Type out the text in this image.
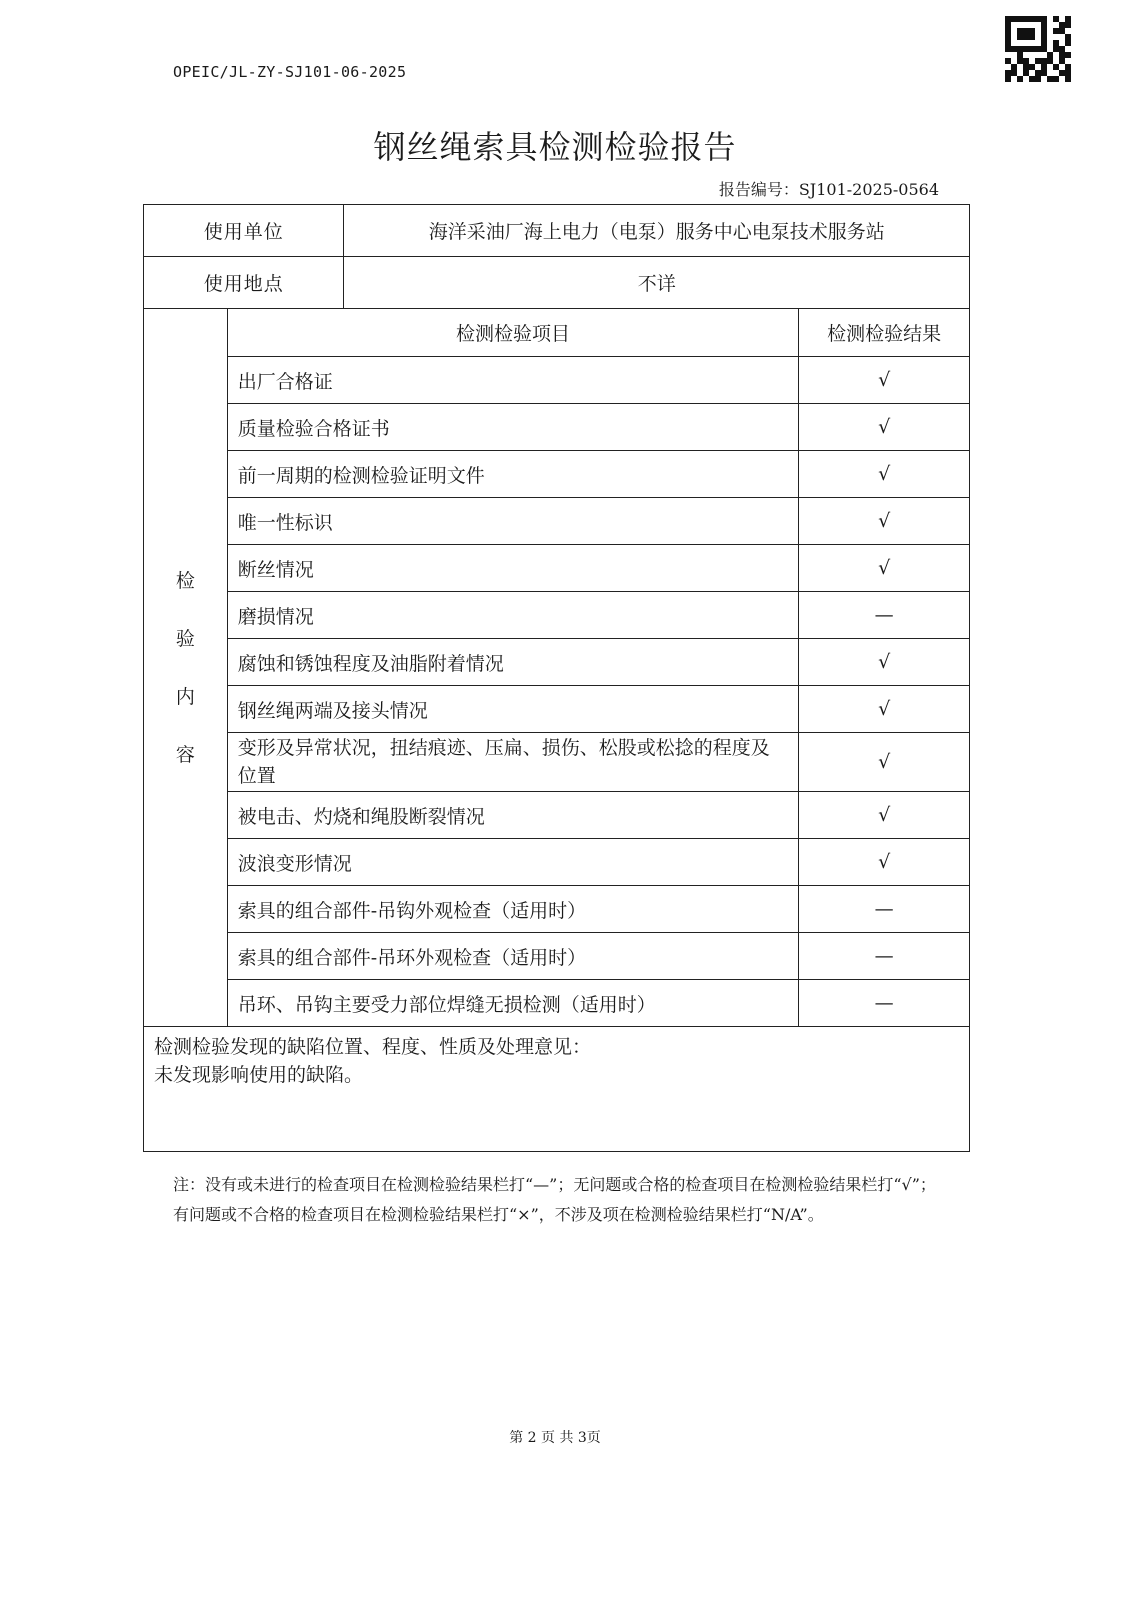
OPEIC/JL-ZY-SJ101-06-2025
钢丝绳索具检测检验报告
报告编号：SJ101-2025-0564
使用单位		海洋采油厂海上电力（电泵）服务中心电泵技术服务站	
使用地点		不详	

检
验
内
容	检测检验项目		检测检验结果
	出厂合格证		√
	质量检验合格证书		√
	前一周期的检测检验证明文件		√
	唯一性标识		√
	断丝情况		√
	磨损情况		—
	腐蚀和锈蚀程度及油脂附着情况		√
	钢丝绳两端及接头情况		√
	变形及异常状况，扭结痕迹、压扁、损伤、松股或松捻的程度及位置		√
	被电击、灼烧和绳股断裂情况		√
	波浪变形情况		√
	索具的组合部件-吊钩外观检查（适用时）		—
	索具的组合部件-吊环外观检查（适用时）		—
	吊环、吊钩主要受力部位焊缝无损检测（适用时）		—

检测检验发现的缺陷位置、程度、性质及处理意见：
未发现影响使用的缺陷。			
注：没有或未进行的检查项目在检测检验结果栏打“—”；无问题或合格的检查项目在检测检验结果栏打“√”；有问题或不合格的检查项目在检测检验结果栏打“×”，不涉及项在检测检验结果栏打“N/A”。
第 2 页 共 3页
